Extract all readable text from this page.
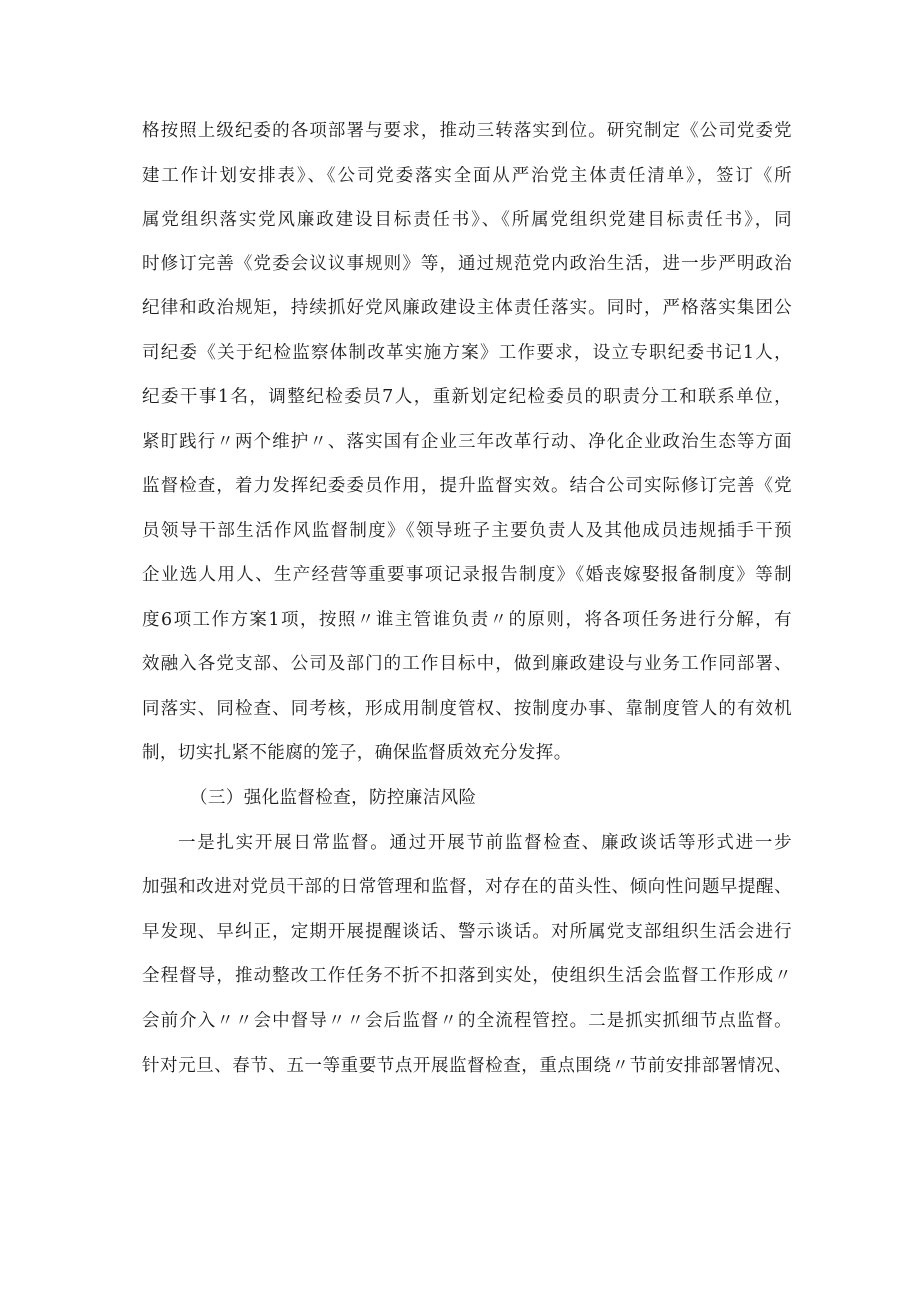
格按照上级纪委的各项部署与要求，推动三转落实到位。研究制定《公司党委党
建工作计划安排表》、《公司党委落实全面从严治党主体责任清单》，签订《所
属党组织落实党风廉政建设目标责任书》、《所属党组织党建目标责任书》，同
时修订完善《党委会议议事规则》等，通过规范党内政治生活，进一步严明政治
纪律和政治规矩，持续抓好党风廉政建设主体责任落实。同时，严格落实集团公
司纪委《关于纪检监察体制改革实施方案》工作要求，设立专职纪委书记1人，
纪委干事1名，调整纪检委员7人，重新划定纪检委员的职责分工和联系单位，
紧盯践行〃两个维护〃、落实国有企业三年改革行动、净化企业政治生态等方面
监督检查，着力发挥纪委委员作用，提升监督实效。结合公司实际修订完善《党
员领导干部生活作风监督制度》《领导班子主要负责人及其他成员违规插手干预
企业选人用人、生产经营等重要事项记录报告制度》《婚丧嫁娶报备制度》等制
度6项工作方案1项，按照〃谁主管谁负责〃的原则，将各项任务进行分解，有
效融入各党支部、公司及部门的工作目标中，做到廉政建设与业务工作同部署、
同落实、同检查、同考核，形成用制度管权、按制度办事、靠制度管人的有效机
制，切实扎紧不能腐的笼子，确保监督质效充分发挥。
（三）强化监督检查，防控廉洁风险
一是扎实开展日常监督。通过开展节前监督检查、廉政谈话等形式进一步
加强和改进对党员干部的日常管理和监督，对存在的苗头性、倾向性问题早提醒、
早发现、早纠正，定期开展提醒谈话、警示谈话。对所属党支部组织生活会进行
全程督导，推动整改工作任务不折不扣落到实处，使组织生活会监督工作形成〃
会前介入〃〃会中督导〃〃会后监督〃的全流程管控。二是抓实抓细节点监督。
针对元旦、春节、五一等重要节点开展监督检查，重点围绕〃节前安排部署情况、
